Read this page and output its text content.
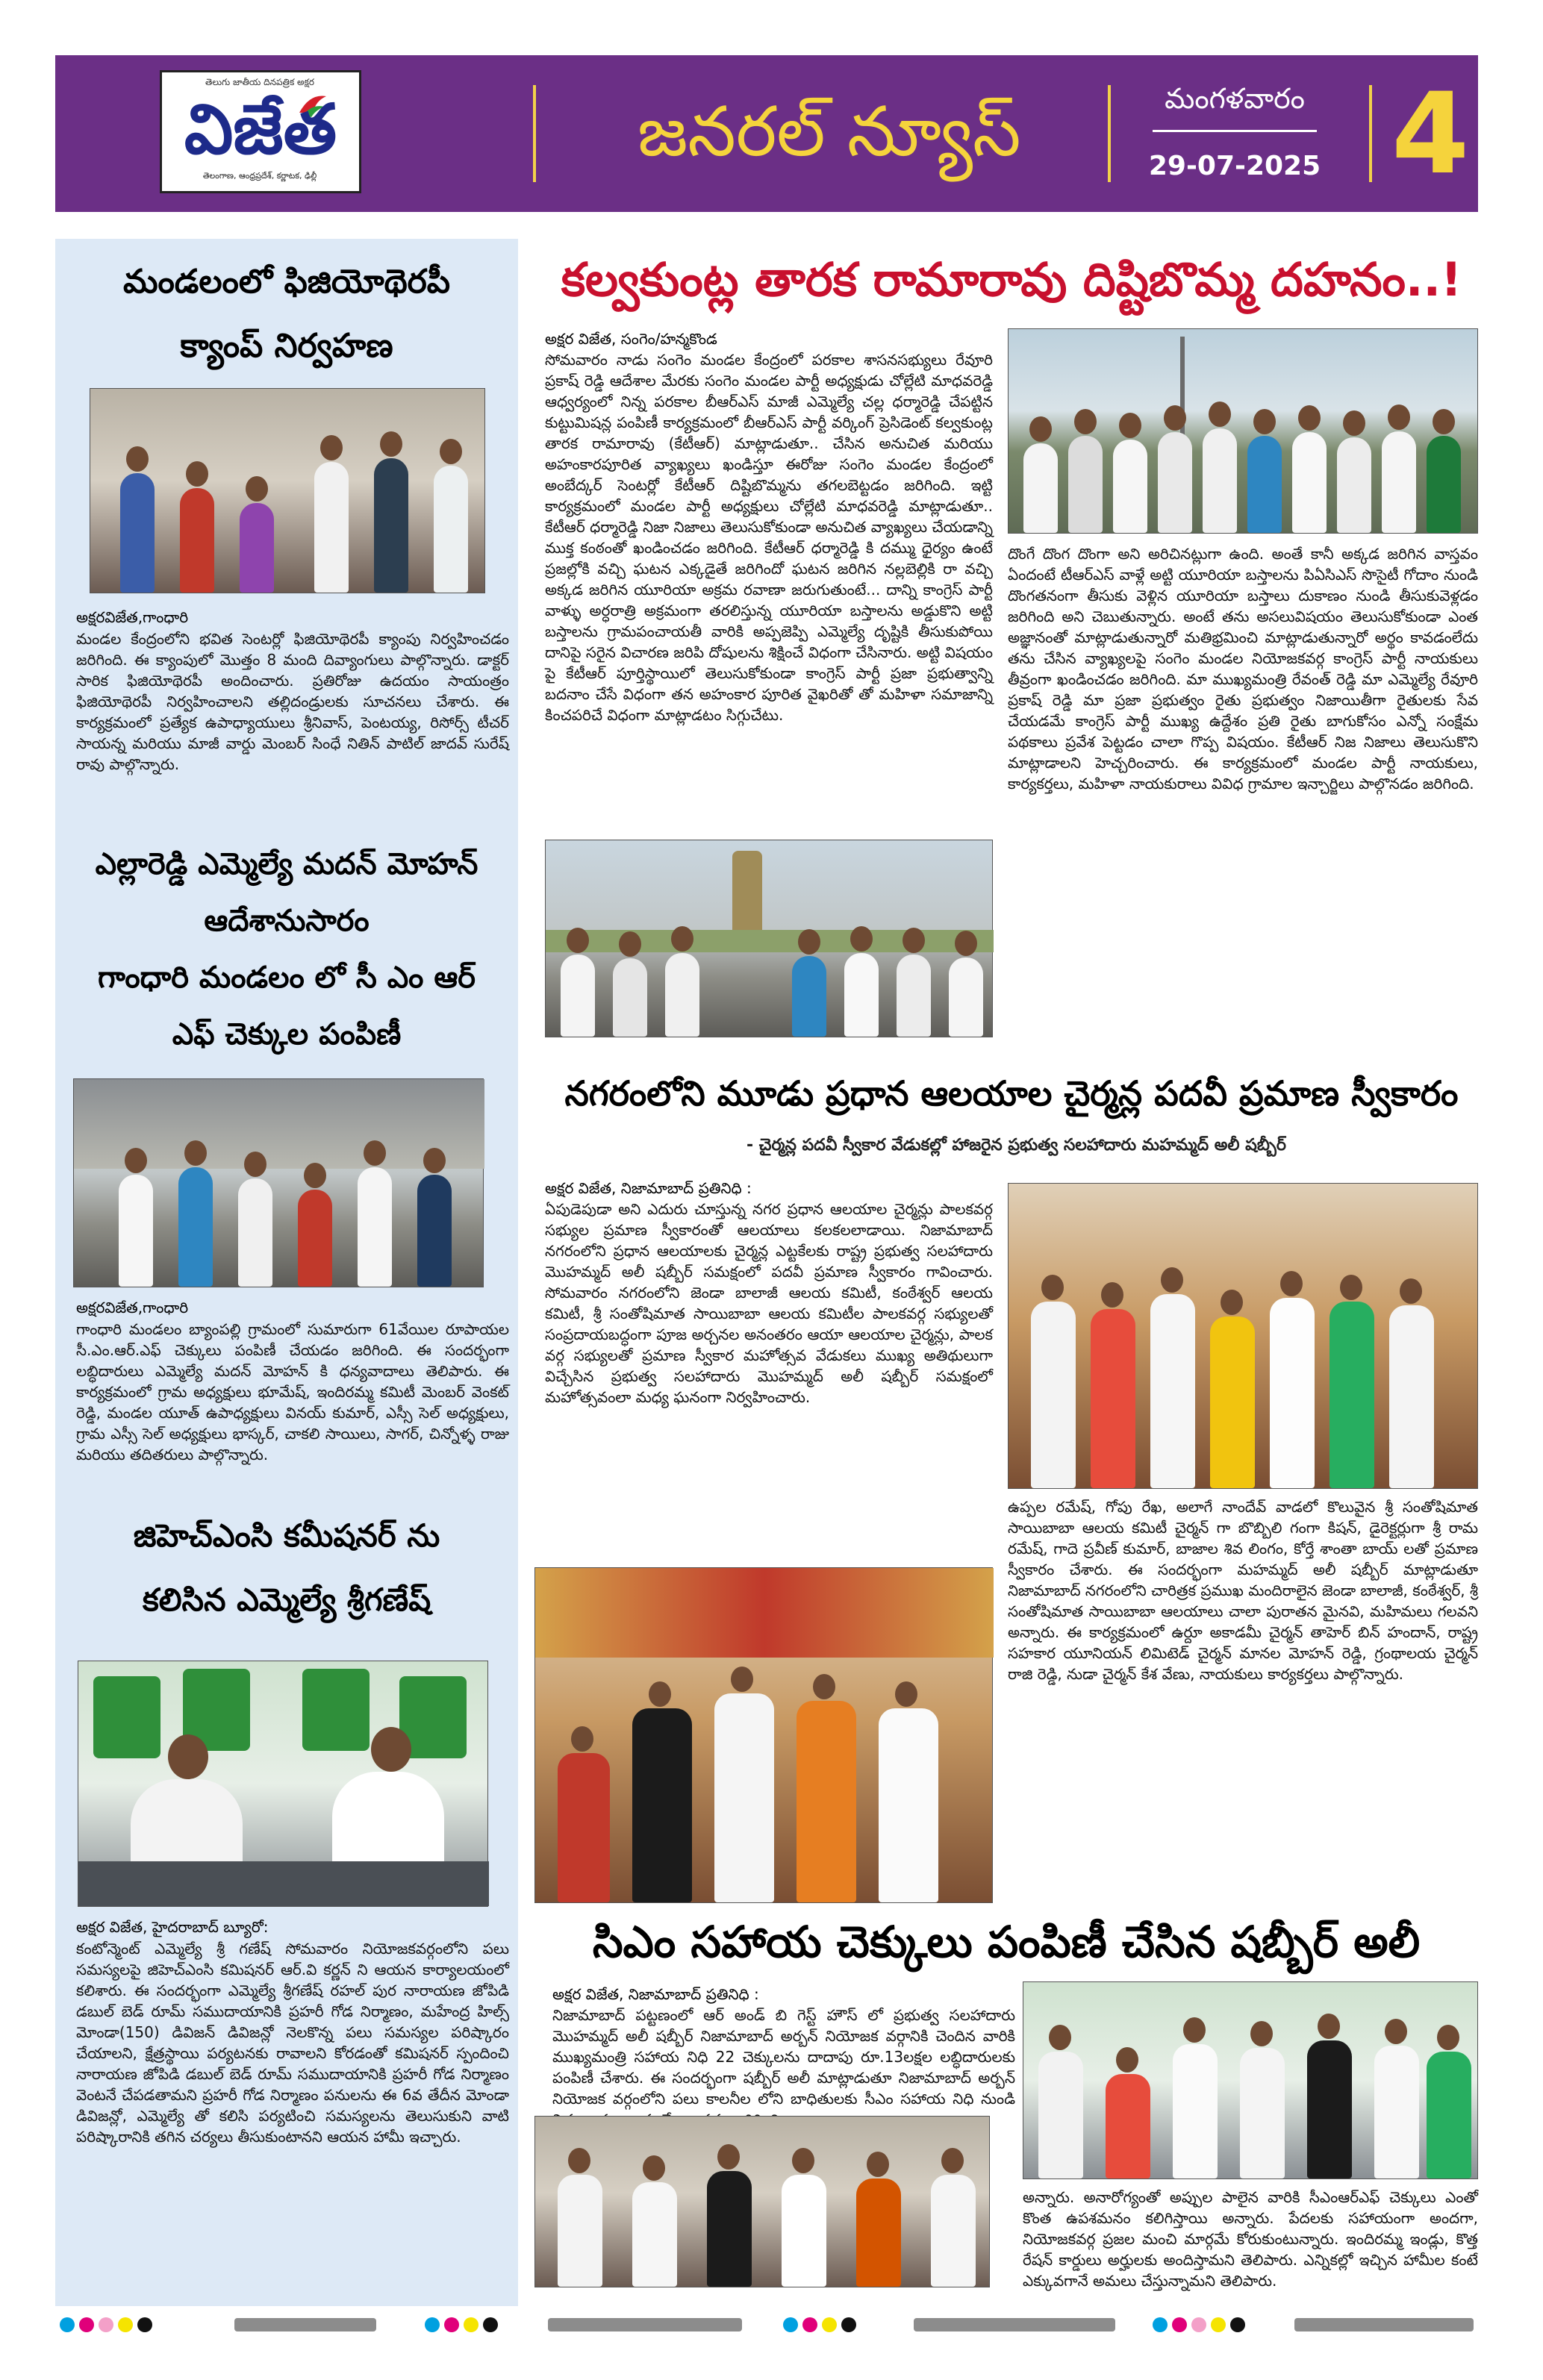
తెలుగు జాతీయ దినపత్రిక అక్షర
విజేత
తెలంగాణ, ఆంధ్రప్రదేశ్, కర్ణాటక, ఢిల్లీ
జనరల్ న్యూస్	మంగళవారం
29-07-2025 4
మండలంలో ఫిజియోథెరపీ
క్యాంప్ నిర్వహణ
అక్షరవిజేత,గాంధారి

మండల కేంద్రంలోని భవిత సెంటర్లో ఫిజియోథెరపీ క్యాంపు నిర్వహించడం జరిగింది. ఈ క్యాంపులో మొత్తం 8 మంది దివ్యాంగులు పాల్గొన్నారు. డాక్టర్ సారిక ఫిజియోథెరపీ అందించారు. ప్రతిరోజు ఉదయం సాయంత్రం ఫిజియోథెరపీ నిర్వహించాలని తల్లిదండ్రులకు సూచనలు చేశారు. ఈ కార్యక్రమంలో ప్రత్యేక ఉపాధ్యాయులు శ్రీనివాస్, పెంటయ్య, రిసోర్స్ టీచర్ సాయన్న మరియు మాజీ వార్డు మెంబర్ సింధే నితిన్ పాటిల్ జాదవ్ సురేష్ రావు పాల్గొన్నారు.

ఎల్లారెడ్డి ఎమ్మెల్యే మదన్ మోహన్
ఆదేశానుసారం
గాంధారి మండలం లో సీ ఎం ఆర్
ఎఫ్ చెక్కుల పంపిణీ
అక్షరవిజేత,గాంధారి

గాంధారి మండలం బ్యాంపల్లి గ్రామంలో సుమారుగా 61వేయిల రూపాయల సీ.ఎం.ఆర్.ఎఫ్ చెక్కులు పంపిణీ చేయడం జరిగింది. ఈ సందర్భంగా లబ్ధిదారులు ఎమ్మెల్యే మదన్ మోహన్ కి ధన్యవాదాలు తెలిపారు. ఈ కార్యక్రమంలో గ్రామ అధ్యక్షులు భూమేష్, ఇందిరమ్మ కమిటీ మెంబర్ వెంకట్ రెడ్డి, మండల యూత్ ఉపాధ్యక్షులు వినయ్ కుమార్, ఎస్సీ సెల్ అధ్యక్షులు, గ్రామ ఎస్సీ సెల్ అధ్యక్షులు భాస్కర్, చాకలి సాయిలు, సాగర్, చిన్నోళ్ళ రాజు మరియు తదితరులు పాల్గొన్నారు.

జిహెచ్ఎంసి కమీషనర్ ను
కలిసిన ఎమ్మెల్యే శ్రీగణేష్
అక్షర విజేత, హైదరాబాద్ బ్యూరో:

కంటోన్మెంట్ ఎమ్మెల్యే శ్రీ గణేష్ సోమవారం నియోజకవర్గంలోని పలు సమస్యలపై జిహెచ్ఎంసి కమిషనర్ ఆర్.వి కర్ణన్ ని ఆయన కార్యాలయంలో కలిశారు. ఈ సందర్భంగా ఎమ్మెల్యే శ్రీగణేష్ రహల్ పుర నారాయణ జోపిడి డబుల్ బెడ్ రూమ్ సముదాయానికి ప్రహరీ గోడ నిర్మాణం, మహేంద్ర హిల్స్ మోండా(150) డివిజన్ డివిజన్లో నెలకొన్న పలు సమస్యల పరిష్కారం చేయాలని, క్షేత్రస్థాయి పర్యటనకు రావాలని కోరడంతో కమిషనర్ స్పందించి నారాయణ జోపిడి డబుల్ బెడ్ రూమ్ సముదాయానికి ప్రహరీ గోడ నిర్మాణం వెంటనే చేపడతామని ప్రహరీ గోడ నిర్మాణం పనులను ఈ 6వ తేదీన మోండా డివిజన్లో, ఎమ్మెల్యే తో కలిసి పర్యటించి సమస్యలను తెలుసుకుని వాటి పరిష్కారానికి తగిన చర్యలు తీసుకుంటానని ఆయన హామీ ఇచ్చారు.

కల్వకుంట్ల తారక రామారావు దిష్టిబొమ్మ దహనం..!
అక్షర విజేత, సంగెం/హన్మకొండ

సోమవారం నాడు సంగెం మండల కేంద్రంలో పరకాల శాసనసభ్యులు రేవూరి ప్రకాష్ రెడ్డి ఆదేశాల మేరకు సంగెం మండల పార్టీ అధ్యక్షుడు చోల్లేటి మాధవరెడ్డి ఆధ్వర్యంలో నిన్న పరకాల బీఆర్ఎస్ మాజీ ఎమ్మెల్యే చల్ల ధర్మారెడ్డి చేపట్టిన కుట్టుమిషన్ల పంపిణీ కార్యక్రమంలో బీఆర్ఎస్ పార్టీ వర్కింగ్ ప్రెసిడెంట్ కల్వకుంట్ల తారక రామారావు (కేటీఆర్) మాట్లాడుతూ.. చేసిన అనుచిత మరియు అహంకారపూరిత వ్యాఖ్యలు ఖండిస్తూ ఈరోజు సంగెం మండల కేంద్రంలో అంబేద్కర్ సెంటర్లో కేటీఆర్ దిష్టిబొమ్మను తగలబెట్టడం జరిగింది. ఇట్టి కార్యక్రమంలో మండల పార్టీ అధ్యక్షులు చోల్లేటి మాధవరెడ్డి మాట్లాడుతూ.. కేటీఆర్ ధర్మారెడ్డి నిజా నిజాలు తెలుసుకోకుండా అనుచిత వ్యాఖ్యలు చేయడాన్ని ముక్త కంఠంతో ఖండించడం జరిగింది. కేటీఆర్ ధర్మారెడ్డి కి దమ్ము ధైర్యం ఉంటే ప్రజల్లోకి వచ్చి ఘటన ఎక్కడైతే జరిగిందో ఘటన జరిగిన నల్లబెల్లికి రా వచ్చి అక్కడ జరిగిన యూరియా అక్రమ రవాణా జరుగుతుంటే... దాన్ని కాంగ్రెస్ పార్టీ వాళ్ళు అర్ధరాత్రి అక్రమంగా తరలిస్తున్న యూరియా బస్తాలను అడ్డుకొని అట్టి బస్తాలను గ్రామపంచాయతీ వారికి అప్పజెప్పి ఎమ్మెల్యే దృష్టికి తీసుకుపోయి దానిపై సరైన విచారణ జరిపి దోషులను శిక్షించే విధంగా చేసినారు. అట్టి విషయం పై కేటీఆర్ పూర్తిస్థాయిలో తెలుసుకోకుండా కాంగ్రెస్ పార్టీ ప్రజా ప్రభుత్వాన్ని బదనాం చేసే విధంగా తన అహంకార పూరిత వైఖరితో తో మహిళా సమాజాన్ని కించపరిచే విధంగా మాట్లాడటం సిగ్గుచేటు.

దొంగే దొంగ దొంగా అని అరిచినట్లుగా ఉంది. అంతే కానీ అక్కడ జరిగిన వాస్తవం ఏందంటే టీఆర్ఎస్ వాళ్లే అట్టి యూరియా బస్తాలను పిఏసిఎస్ సొసైటీ గోదాం నుండి దొంగతనంగా తీసుకు వెళ్లిన యూరియా బస్తాలు దుకాణం నుండి తీసుకువెళ్లడం జరిగింది అని చెబుతున్నారు. అంటే తను అసలువిషయం తెలుసుకోకుండా ఎంత అజ్ఞానంతో మాట్లాడుతున్నారో మతిభ్రమించి మాట్లాడుతున్నారో అర్థం కావడంలేదు తను చేసిన వ్యాఖ్యలపై సంగెం మండల నియోజకవర్గ కాంగ్రెస్ పార్టీ నాయకులు తీవ్రంగా ఖండించడం జరిగింది. మా ముఖ్యమంత్రి రేవంత్ రెడ్డి మా ఎమ్మెల్యే రేవూరి ప్రకాష్ రెడ్డి మా ప్రజా ప్రభుత్వం రైతు ప్రభుత్వం నిజాయితీగా రైతులకు సేవ చేయడమే కాంగ్రెస్ పార్టీ ముఖ్య ఉద్దేశం ప్రతి రైతు బాగుకోసం ఎన్నో సంక్షేమ పథకాలు ప్రవేశ పెట్టడం చాలా గొప్ప విషయం. కేటీఆర్ నిజ నిజాలు తెలుసుకొని మాట్లాడాలని హెచ్చరించారు. ఈ కార్యక్రమంలో మండల పార్టీ నాయకులు, కార్యకర్తలు, మహిళా నాయకురాలు వివిధ గ్రామాల ఇన్చార్జిలు పాల్గొనడం జరిగింది.

నగరంలోని మూడు ప్రధాన ఆలయాల చైర్మన్ల పదవీ ప్రమాణ స్వీకారం
- చైర్మన్ల పదవీ స్వీకార వేడుకల్లో హాజరైన ప్రభుత్వ సలహాదారు మహమ్మద్ అలీ షబ్బీర్
అక్షర విజేత, నిజామాబాద్ ప్రతినిధి :

ఏపుడెపుడా అని ఎదురు చూస్తున్న నగర ప్రధాన ఆలయాల చైర్మన్లు పాలకవర్గ సభ్యుల ప్రమాణ స్వీకారంతో ఆలయాలు కలకలలాడాయి. నిజామాబాద్ నగరంలోని ప్రధాన ఆలయాలకు చైర్మన్ల ఎట్టకేలకు రాష్ట్ర ప్రభుత్వ సలహాదారు మొహమ్మద్ అలీ షబ్బీర్ సమక్షంలో పదవీ ప్రమాణ స్వీకారం గావించారు. సోమవారం నగరంలోని జెండా బాలాజీ ఆలయ కమిటీ, కంఠేశ్వర్ ఆలయ కమిటీ, శ్రీ సంతోషిమాత సాయిబాబా ఆలయ కమిటీల పాలకవర్గ సభ్యులతో సంప్రదాయబద్ధంగా పూజ అర్చనల అనంతరం ఆయా ఆలయాల చైర్మన్లు, పాలక వర్గ సభ్యులతో ప్రమాణ స్వీకార మహోత్సవ వేడుకలు ముఖ్య అతిథులుగా విచ్చేసిన ప్రభుత్వ సలహాదారు మొహమ్మద్ అలీ షబ్బీర్ సమక్షంలో మహోత్సవంలా మధ్య ఘనంగా నిర్వహించారు.

ఉప్పల రమేష్, గోపు రేఖ, అలాగే నాందేవ్ వాడలో కొలువైన శ్రీ సంతోషిమాత సాయిబాబా ఆలయ కమిటీ చైర్మన్ గా బొబ్బిలి గంగా కిషన్, డైరెక్టర్లుగా శ్రీ రామ రమేష్, గాదె ప్రవీణ్ కుమార్, బాజాల శివ లింగం, కోర్తే శాంతా బాయ్ లతో ప్రమాణ స్వీకారం చేశారు. ఈ సందర్భంగా మహమ్మద్ అలీ షబ్బీర్ మాట్లాడుతూ నిజామాబాద్ నగరంలోని చారిత్రక ప్రముఖ మందిరాలైన జెండా బాలాజీ, కంఠేశ్వర్, శ్రీ సంతోషిమాత సాయిబాబా ఆలయాలు చాలా పురాతన మైనవి, మహిమలు గలవని అన్నారు. ఈ కార్యక్రమంలో ఉర్దూ అకాడమీ చైర్మన్ తాహెర్ బిన్ హందాన్, రాష్ట్ర సహకార యూనియన్ లిమిటెడ్ చైర్మన్ మానల మోహన్ రెడ్డి, గ్రంథాలయ చైర్మన్ రాజి రెడ్డి, నుడా చైర్మన్ కేశ వేణు, నాయకులు కార్యకర్తలు పాల్గొన్నారు.

సిఎం సహాయ చెక్కులు పంపిణీ చేసిన షబ్బీర్ అలీ
అక్షర విజేత, నిజామాబాద్ ప్రతినిధి :

నిజామాబాద్ పట్టణంలో ఆర్ అండ్ బి గెస్ట్ హౌస్ లో ప్రభుత్వ సలహాదారు మొహమ్మద్ అలీ షబ్బీర్ నిజామాబాద్ అర్బన్ నియోజక వర్గానికి చెందిన వారికి ముఖ్యమంత్రి సహాయ నిధి 22 చెక్కులను దాదాపు రూ.13లక్షల లబ్ధిదారులకు పంపిణీ చేశారు. ఈ సందర్భంగా షబ్బీర్ అలీ మాట్లాడుతూ నిజామాబాద్ అర్బన్ నియోజక వర్గంలోని పలు కాలనీల లోని బాధితులకు సీఎం సహాయ నిధి నుండి

అన్నారు. అనారోగ్యంతో అప్పుల పాలైన వారికి సీఎంఆర్ఎఫ్ చెక్కులు ఎంతో కొంత ఉపశమనం కలిగిస్తాయి అన్నారు. పేదలకు సహాయంగా అందగా, నియోజకవర్గ ప్రజల మంచి మార్గమే కోరుకుంటున్నారు. ఇందిరమ్మ ఇండ్లు, కొత్త రేషన్ కార్డులు అర్హులకు అందిస్తామని తెలిపారు. ఎన్నికల్లో ఇచ్చిన హామీల కంటే ఎక్కువగానే అమలు చేస్తున్నామని తెలిపారు.
